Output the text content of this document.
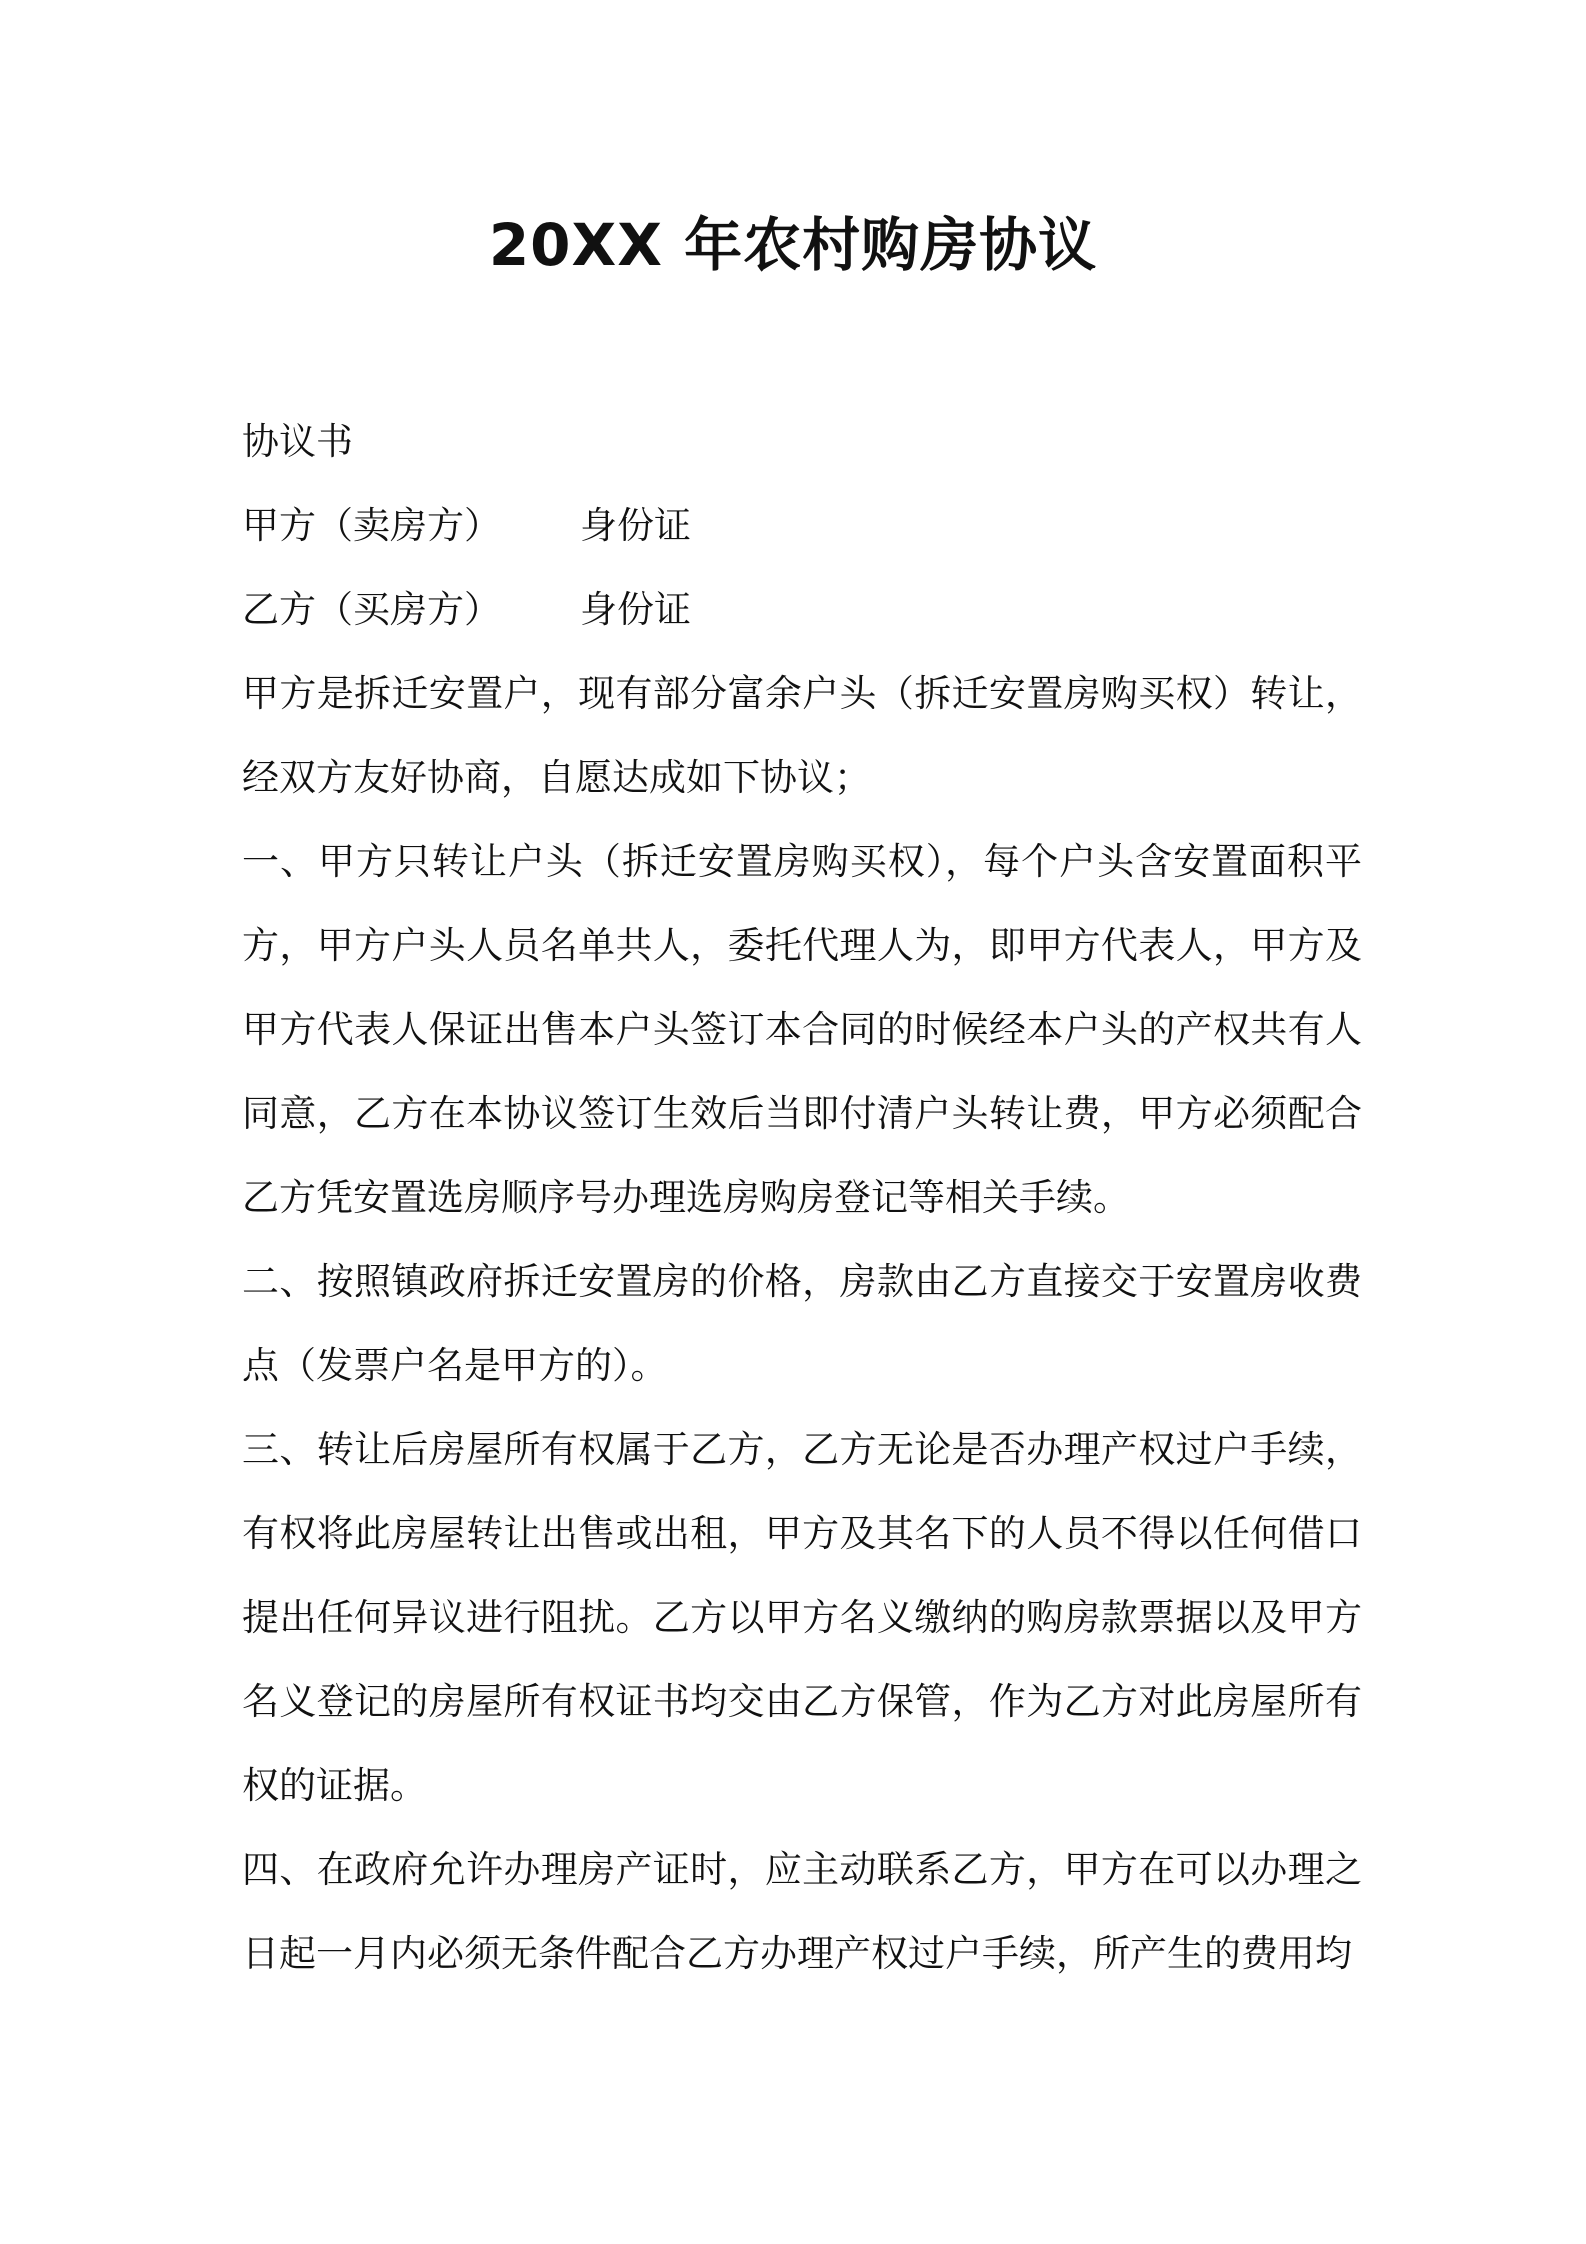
20XX 年农村购房协议
协议书
甲方（卖房方） 身份证
乙方（买房方） 身份证

甲方是拆迁安置户，现有部分富余户头（拆迁安置房购买权）转让，经双方友好协商，自愿达成如下协议；

一、甲方只转让户头（拆迁安置房购买权），每个户头含安置面积平方，甲方户头人员名单共人，委托代理人为，即甲方代表人，甲方及甲方代表人保证出售本户头签订本合同的时候经本户头的产权共有人同意，乙方在本协议签订生效后当即付清户头转让费，甲方必须配合乙方凭安置选房顺序号办理选房购房登记等相关手续。

二、按照镇政府拆迁安置房的价格，房款由乙方直接交于安置房收费点（发票户名是甲方的）。

三、转让后房屋所有权属于乙方，乙方无论是否办理产权过户手续，有权将此房屋转让出售或出租，甲方及其名下的人员不得以任何借口提出任何异议进行阻扰。乙方以甲方名义缴纳的购房款票据以及甲方名义登记的房屋所有权证书均交由乙方保管，作为乙方对此房屋所有权的证据。

四、在政府允许办理房产证时，应主动联系乙方，甲方在可以办理之日起一月内必须无条件配合乙方办理产权过户手续，所产生的费用均
